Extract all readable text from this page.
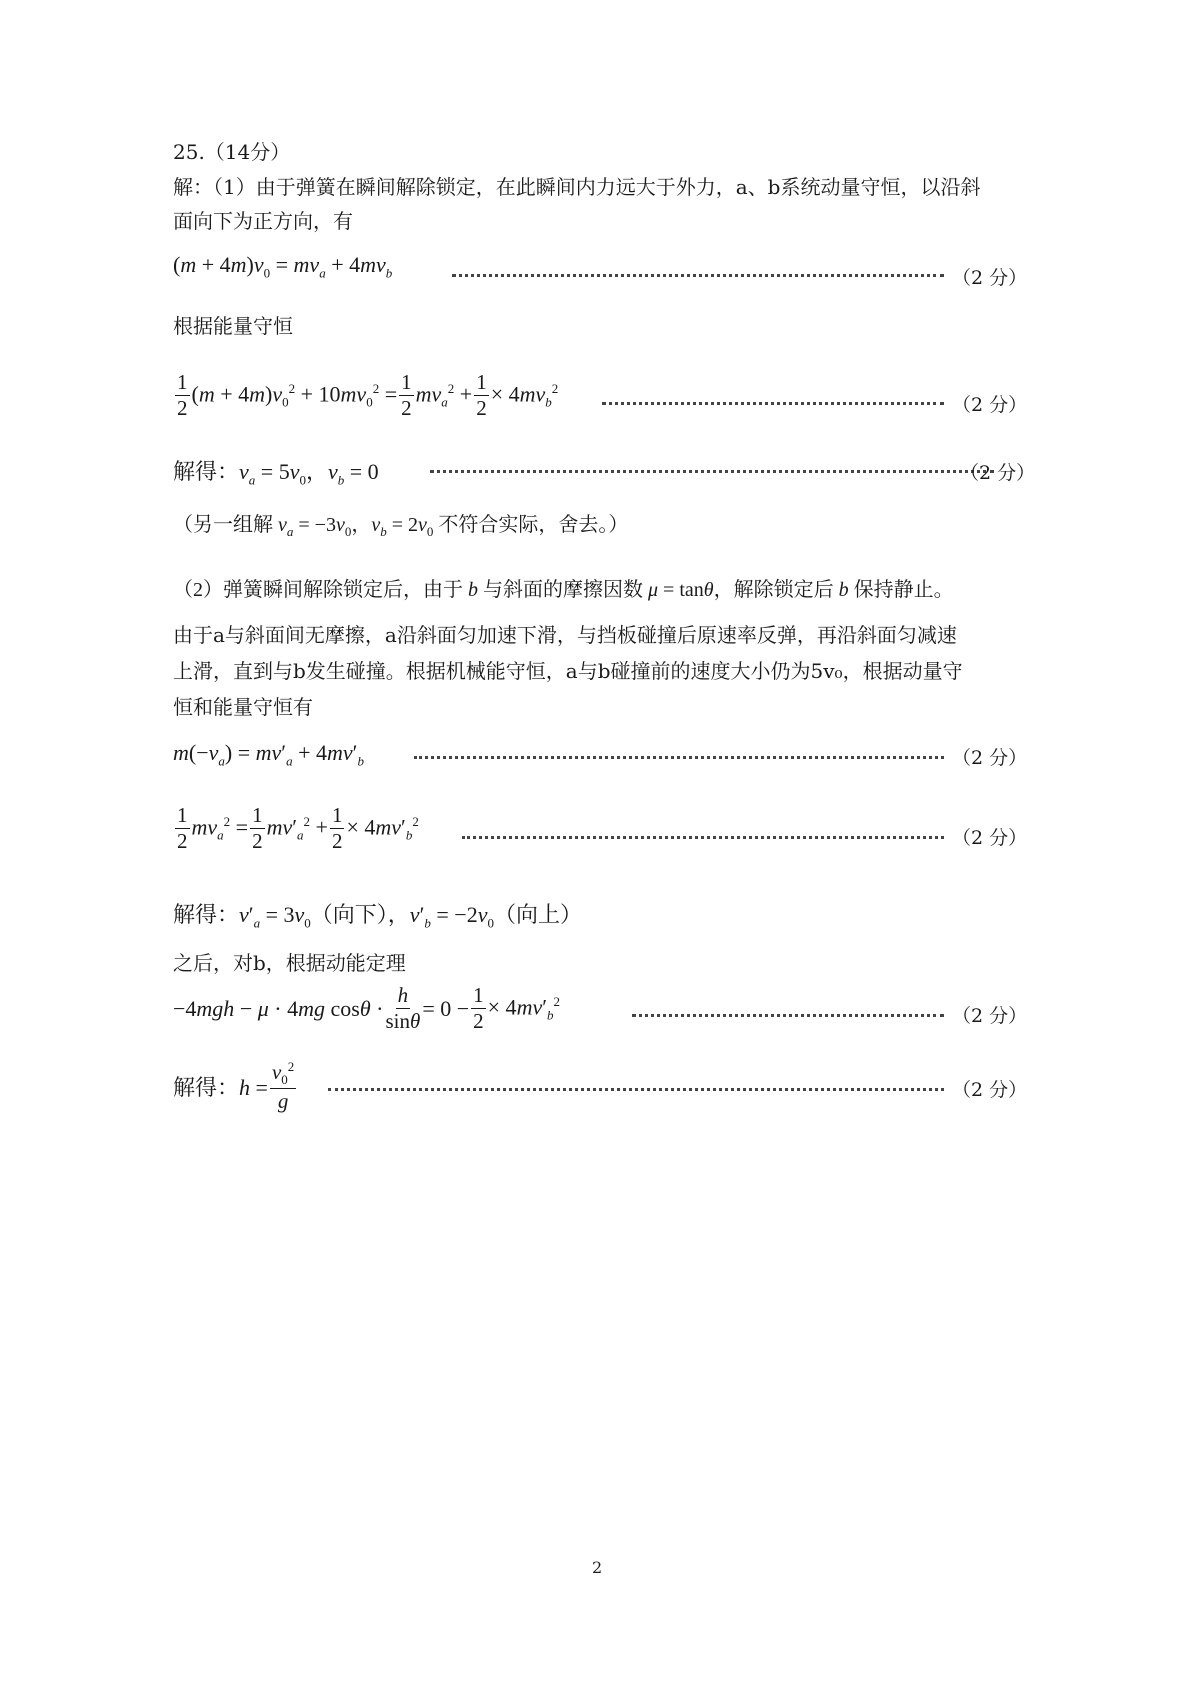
25.（14分）
解：（1）由于弹簧在瞬间解除锁定，在此瞬间内力远大于外力，a、b系统动量守恒，以沿斜
面向下为正方向，有
$(m + 4m)v_0 = mv_a + 4mv_b$	（2 分）
根据能量守恒
$\frac{1}{2} (m + 4m)v_0^2 + 10mv_0^2 = \frac{1}{2} mv_a^2 + \frac{1}{2} \times 4mv_b^2$
（2 分）
解得：$v_a = 5v_0$，$v_b = 0$	（2 分）
（另一组解 $v_a = -3v_0$，$v_b = 2v_0$ 不符合实际，舍去。）
（2）弹簧瞬间解除锁定后，由于 b 与斜面的摩擦因数 μ = tanθ，解除锁定后 b 保持静止。
由于a与斜面间无摩擦，a沿斜面匀加速下滑，与挡板碰撞后原速率反弹，再沿斜面匀减速
上滑，直到与b发生碰撞。根据机械能守恒，a与b碰撞前的速度大小仍为5v₀，根据动量守
恒和能量守恒有
$m(-v_a) = mv'_a + 4mv'_b$	（2 分）
$\frac{1}{2} mv_a^2 = \frac{1}{2} mv'_a^2 + \frac{1}{2} \times 4mv'_b^2$
（2 分）
解得：$v'_a = 3v_0$（向下），$v'_b = -2v_0$（向上）
之后，对b，根据动能定理
−4mgh − μ · 4mg $\cos\theta \cdot \frac{h}{\sin\theta} = 0 - \frac{1}{2} \times 4mv'_b^2$
（2 分）
解得：$h = \frac{v_0^2}{g}$	（2 分）
2
